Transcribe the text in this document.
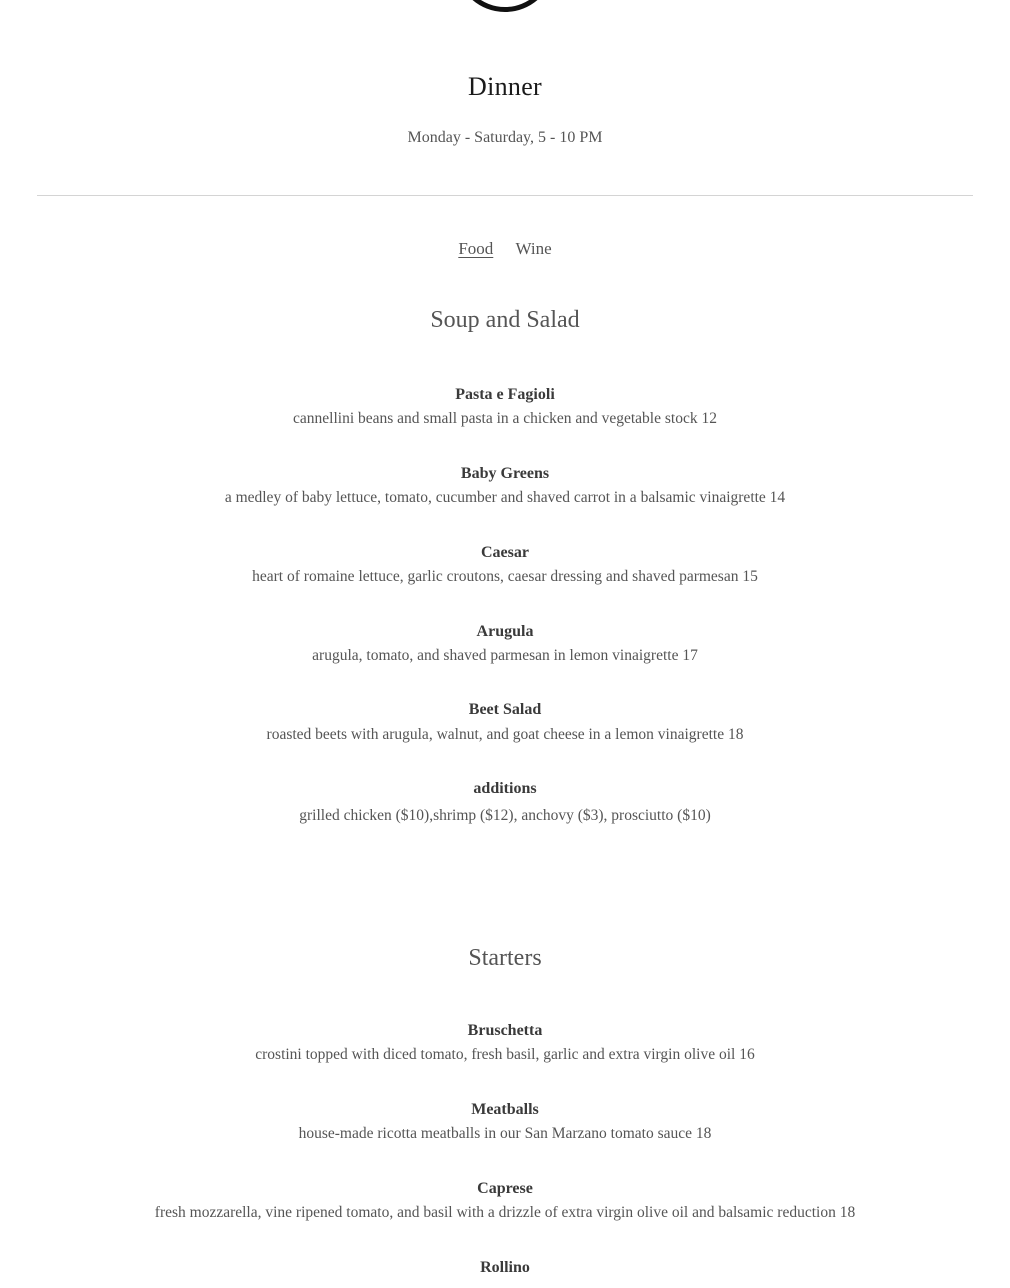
Dinner
Monday - Saturday, 5 - 10 PM
Food Wine
Soup and Salad
Pasta e Fagioli
cannellini beans and small pasta in a chicken and vegetable stock 12
Baby Greens
a medley of baby lettuce, tomato, cucumber and shaved carrot in a balsamic vinaigrette 14
Caesar
heart of romaine lettuce, garlic croutons, caesar dressing and shaved parmesan 15
Arugula
arugula, tomato, and shaved parmesan in lemon vinaigrette 17
Beet Salad
roasted beets with arugula, walnut, and goat cheese in a lemon vinaigrette 18
additions
grilled chicken ($10),shrimp ($12), anchovy ($3), prosciutto ($10)
Starters
Bruschetta
crostini topped with diced tomato, fresh basil, garlic and extra virgin olive oil 16
Meatballs
house-made ricotta meatballs in our San Marzano tomato sauce 18
Caprese
fresh mozzarella, vine ripened tomato, and basil with a drizzle of extra virgin olive oil and balsamic reduction 18
Rollino
